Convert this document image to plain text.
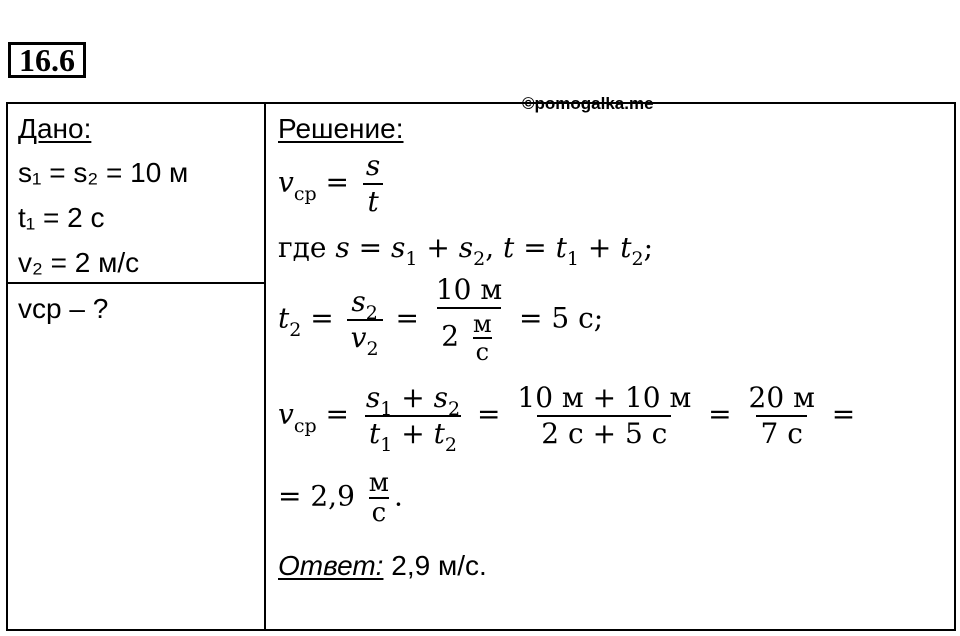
16.6
©pomogalka.me
Дано:
s₁ = s₂ = 10 м
t₁ = 2 с
v₂ = 2 м/с
vср – ?
Решение:
$v_{ср} = \frac{s}{t}$
где $s = s_1 + s_2$, $t = t_1 + t_2$;
$t_2 = \frac{s_2}{v_2} = \frac{10 м}{2 \frac{м}{с}} = 5$ с;
$v_{ср} = \frac{s_1 + s_2}{t_1 + t_2} = \frac{10 м + 10 м}{2 с + 5 с} = \frac{20 м}{7 с}$ =
= $2,9 \frac{м}{с}$ .
Ответ: 2,9 м/с.
